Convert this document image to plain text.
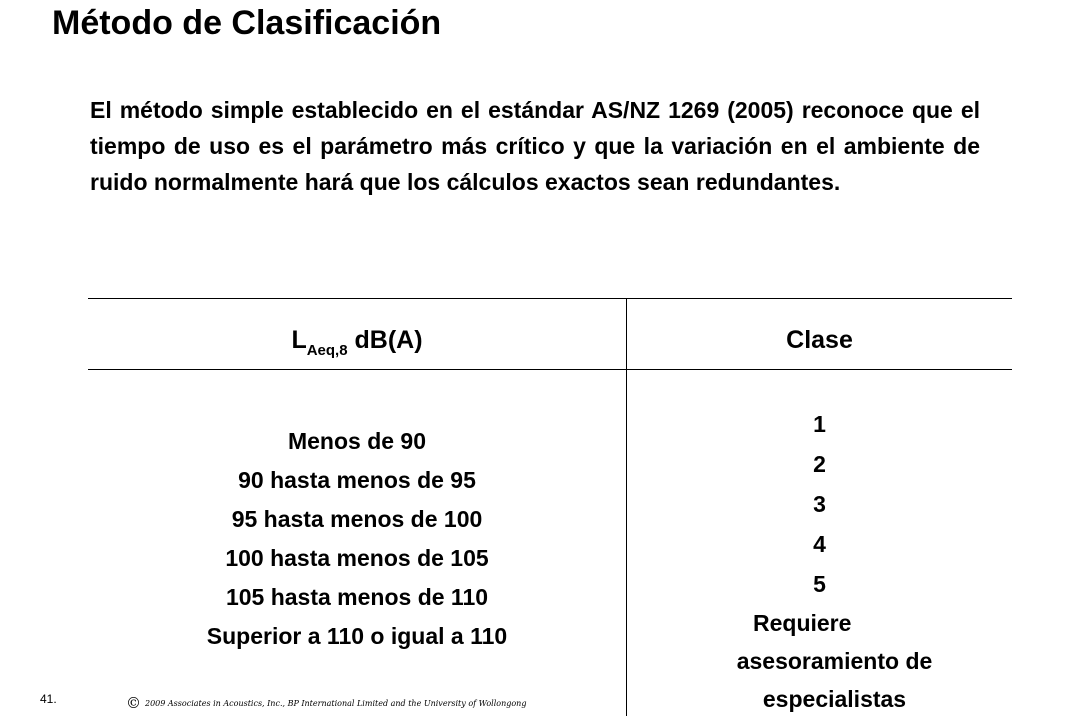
Método de Clasificación

El método simple establecido en el estándar AS/NZ 1269 (2005) reconoce que el tiempo de uso es el parámetro más crítico y que la variación en el ambiente de ruido normalmente hará que los cálculos exactos sean redundantes.

$L_{Aeq,8}$ dB(A)	Clase
Menos de 90
90 hasta menos de 95
95 hasta menos de 100
100 hasta menos de 105
105 hasta menos de 110
Superior a 110 o igual a 110
1
2
3
4
5
Requiere
asesoramiento de
especialistas
41.	© 2009 Associates in Acoustics, Inc., BP International Limited and the University of Wollongong
